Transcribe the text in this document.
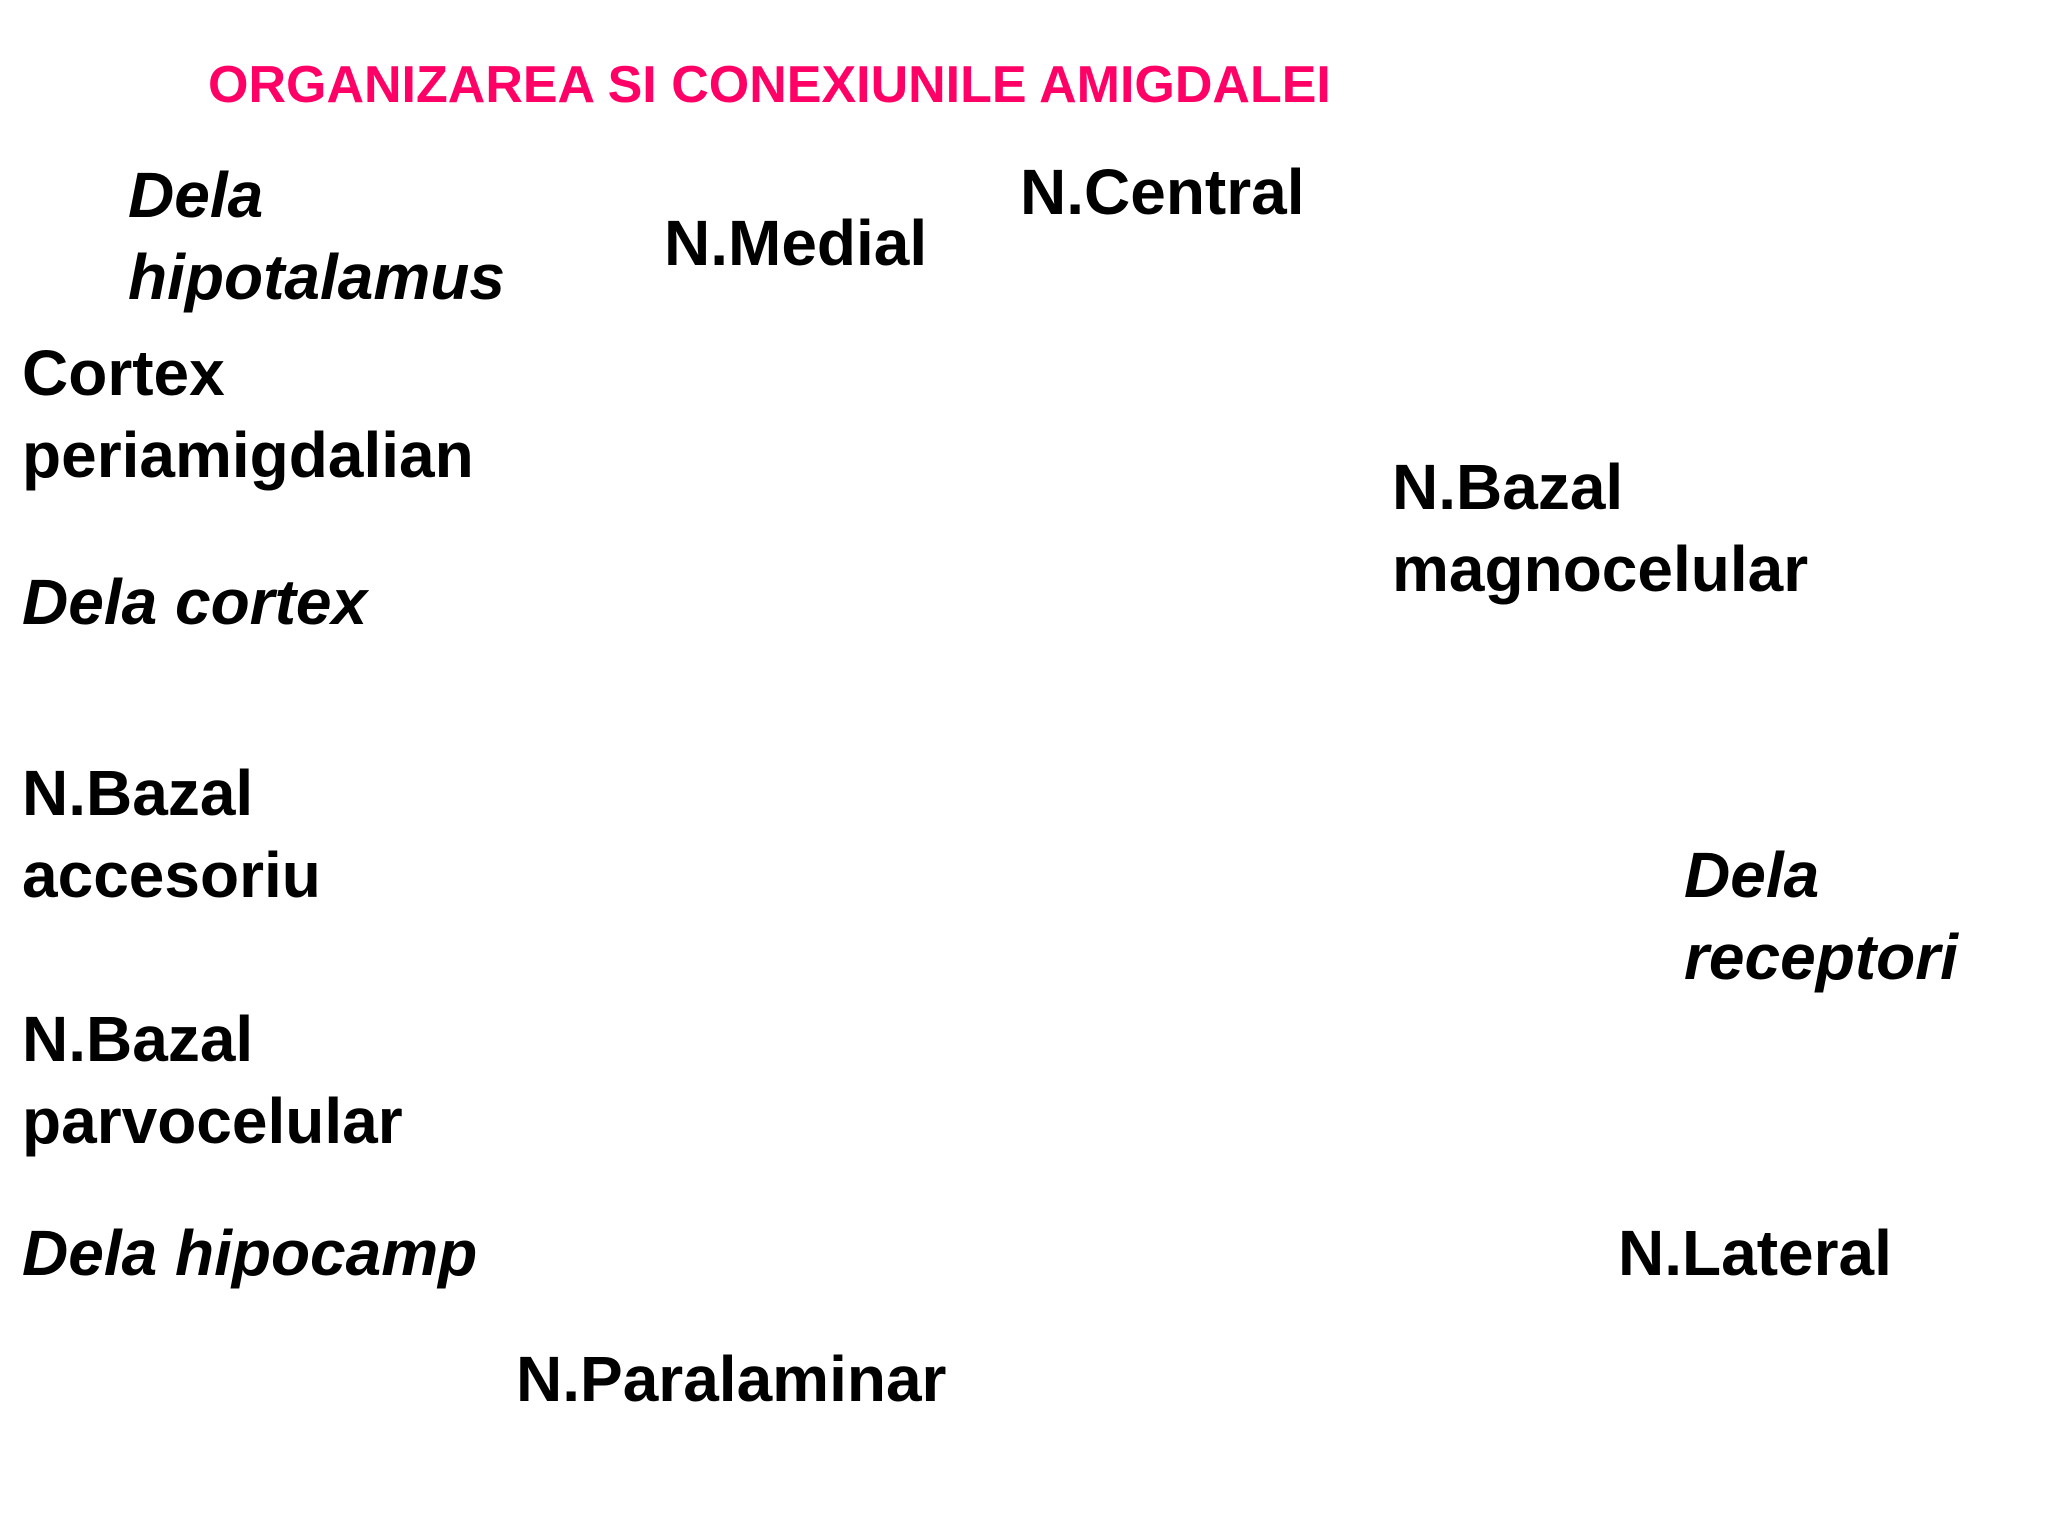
ORGANIZAREA SI CONEXIUNILE AMIGDALEI
Dela
hipotalamus N.Medial
N.Central
Cortex
periamigdalian	N.Bazal
magnocelular
Dela cortex
N.Bazal
accesoriu	Dela
receptori
N.Bazal
parvocelular
Dela hipocamp	N.Lateral
N.Paralaminar
